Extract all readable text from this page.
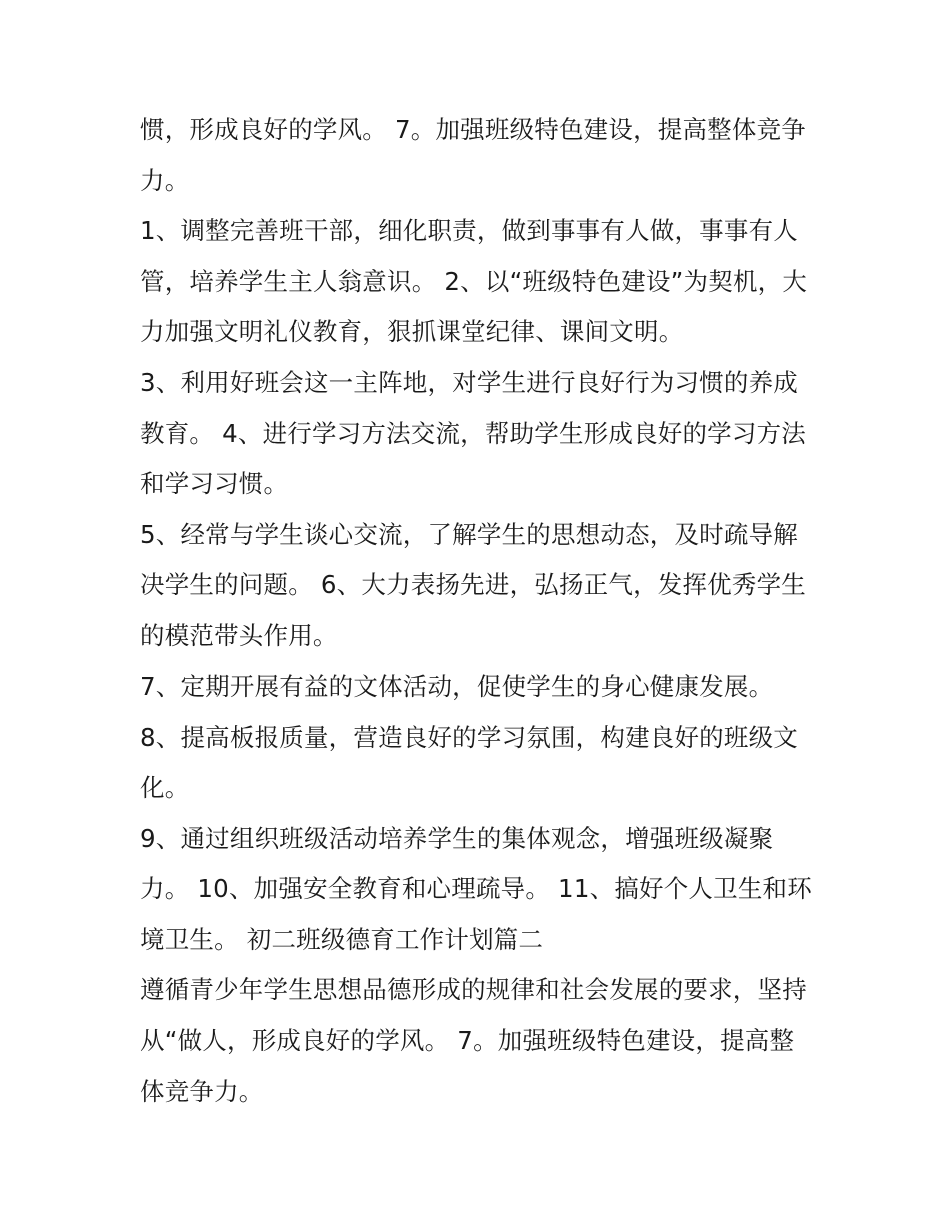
惯，形成良好的学风。 7。加强班级特色建设，提高整体竞争
力。
1、调整完善班干部，细化职责，做到事事有人做，事事有人
管，培养学生主人翁意识。 2、以“班级特色建设”为契机，大
力加强文明礼仪教育，狠抓课堂纪律、课间文明。
3、利用好班会这一主阵地，对学生进行良好行为习惯的养成
教育。 4、进行学习方法交流，帮助学生形成良好的学习方法
和学习习惯。
5、经常与学生谈心交流，了解学生的思想动态，及时疏导解
决学生的问题。 6、大力表扬先进，弘扬正气，发挥优秀学生
的模范带头作用。
7、定期开展有益的文体活动，促使学生的身心健康发展。
8、提高板报质量，营造良好的学习氛围，构建良好的班级文
化。
9、通过组织班级活动培养学生的集体观念，增强班级凝聚
力。 10、加强安全教育和心理疏导。 11、搞好个人卫生和环
境卫生。 初二班级德育工作计划篇二
遵循青少年学生思想品德形成的规律和社会发展的要求，坚持
从“做人，形成良好的学风。 7。加强班级特色建设，提高整
体竞争力。
